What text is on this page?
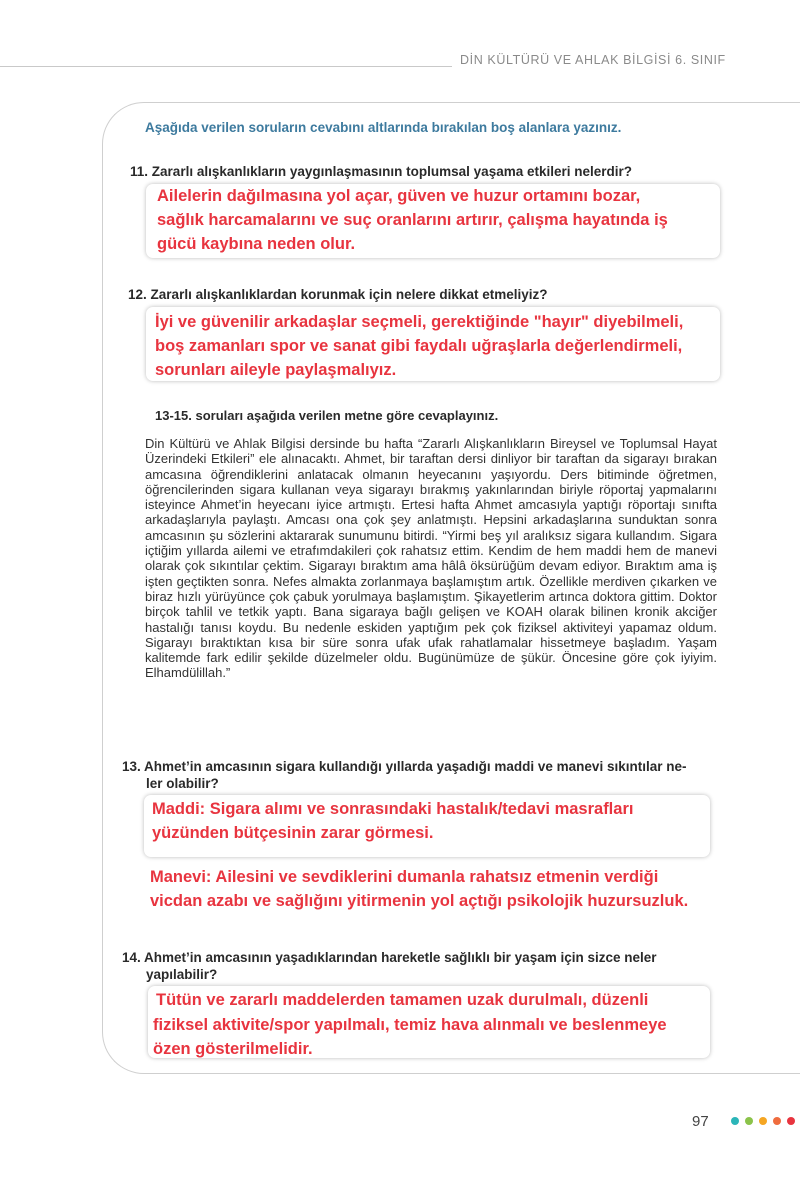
DİN KÜLTÜRÜ VE AHLAK BİLGİSİ 6. SINIF
Aşağıda verilen soruların cevabını altlarında bırakılan boş alanlara yazınız.
11. Zararlı alışkanlıkların yaygınlaşmasının toplumsal yaşama etkileri nelerdir?
Ailelerin dağılmasına yol açar, güven ve huzur ortamını bozar,
sağlık harcamalarını ve suç oranlarını artırır, çalışma hayatında iş
gücü kaybına neden olur.
12. Zararlı alışkanlıklardan korunmak için nelere dikkat etmeliyiz?
İyi ve güvenilir arkadaşlar seçmeli, gerektiğinde "hayır" diyebilmeli,
boş zamanları spor ve sanat gibi faydalı uğraşlarla değerlendirmeli,
sorunları aileyle paylaşmalıyız.
13-15. soruları aşağıda verilen metne göre cevaplayınız.

Din Kültürü ve Ahlak Bilgisi dersinde bu hafta “Zararlı Alışkanlıkların Bireysel ve Toplumsal Hayat Üzerindeki Etkileri” ele alınacaktı. Ahmet, bir taraftan dersi dinliyor bir taraftan da sigarayı bırakan amcasına öğrendiklerini anlatacak olmanın heyecanını yaşıyordu. Ders bitiminde öğretmen, öğrencilerinden sigara kullanan veya sigarayı bırakmış yakınlarından biriyle röportaj yapmalarını isteyince Ahmet’in heyecanı iyice artmıştı. Ertesi hafta Ahmet amcasıyla yaptığı röportajı sınıfta arkadaşlarıyla paylaştı. Amcası ona çok şey anlatmıştı. Hepsini arkadaşlarına sunduktan sonra amcasının şu sözlerini aktararak sunumunu bitirdi. “Yirmi beş yıl aralıksız sigara kullandım. Sigara içtiğim yıllarda ailemi ve etrafımdakileri çok rahatsız ettim. Kendim de hem maddi hem de manevi olarak çok sıkıntılar çektim. Sigarayı bıraktım ama hâlâ öksürüğüm devam ediyor. Bıraktım ama iş işten geçtikten sonra. Nefes almakta zorlanmaya başlamıştım artık. Özellikle merdiven çıkarken ve biraz hızlı yürüyünce çok çabuk yorulmaya başlamıştım. Şikayetlerim artınca doktora gittim. Doktor birçok tahlil ve tetkik yaptı. Bana sigaraya bağlı gelişen ve KOAH olarak bilinen kronik akciğer hastalığı tanısı koydu. Bu nedenle eskiden yaptığım pek çok fiziksel aktiviteyi yapamaz oldum. Sigarayı bıraktıktan kısa bir süre sonra ufak ufak rahatlamalar hissetmeye başladım. Yaşam kalitemde fark edilir şekilde düzelmeler oldu. Bugünümüze de şükür. Öncesine göre çok iyiyim. Elhamdülillah.”

13. Ahmet’in amcasının sigara kullandığı yıllarda yaşadığı maddi ve manevi sıkıntılar ne-
ler olabilir?
Maddi: Sigara alımı ve sonrasındaki hastalık/tedavi masrafları
yüzünden bütçesinin zarar görmesi.
Manevi: Ailesini ve sevdiklerini dumanla rahatsız etmenin verdiği
vicdan azabı ve sağlığını yitirmenin yol açtığı psikolojik huzursuzluk.
14. Ahmet’in amcasının yaşadıklarından hareketle sağlıklı bir yaşam için sizce neler
yapılabilir?
Tütün ve zararlı maddelerden tamamen uzak durulmalı, düzenli
fiziksel aktivite/spor yapılmalı, temiz hava alınmalı ve beslenmeye
özen gösterilmelidir.
97
